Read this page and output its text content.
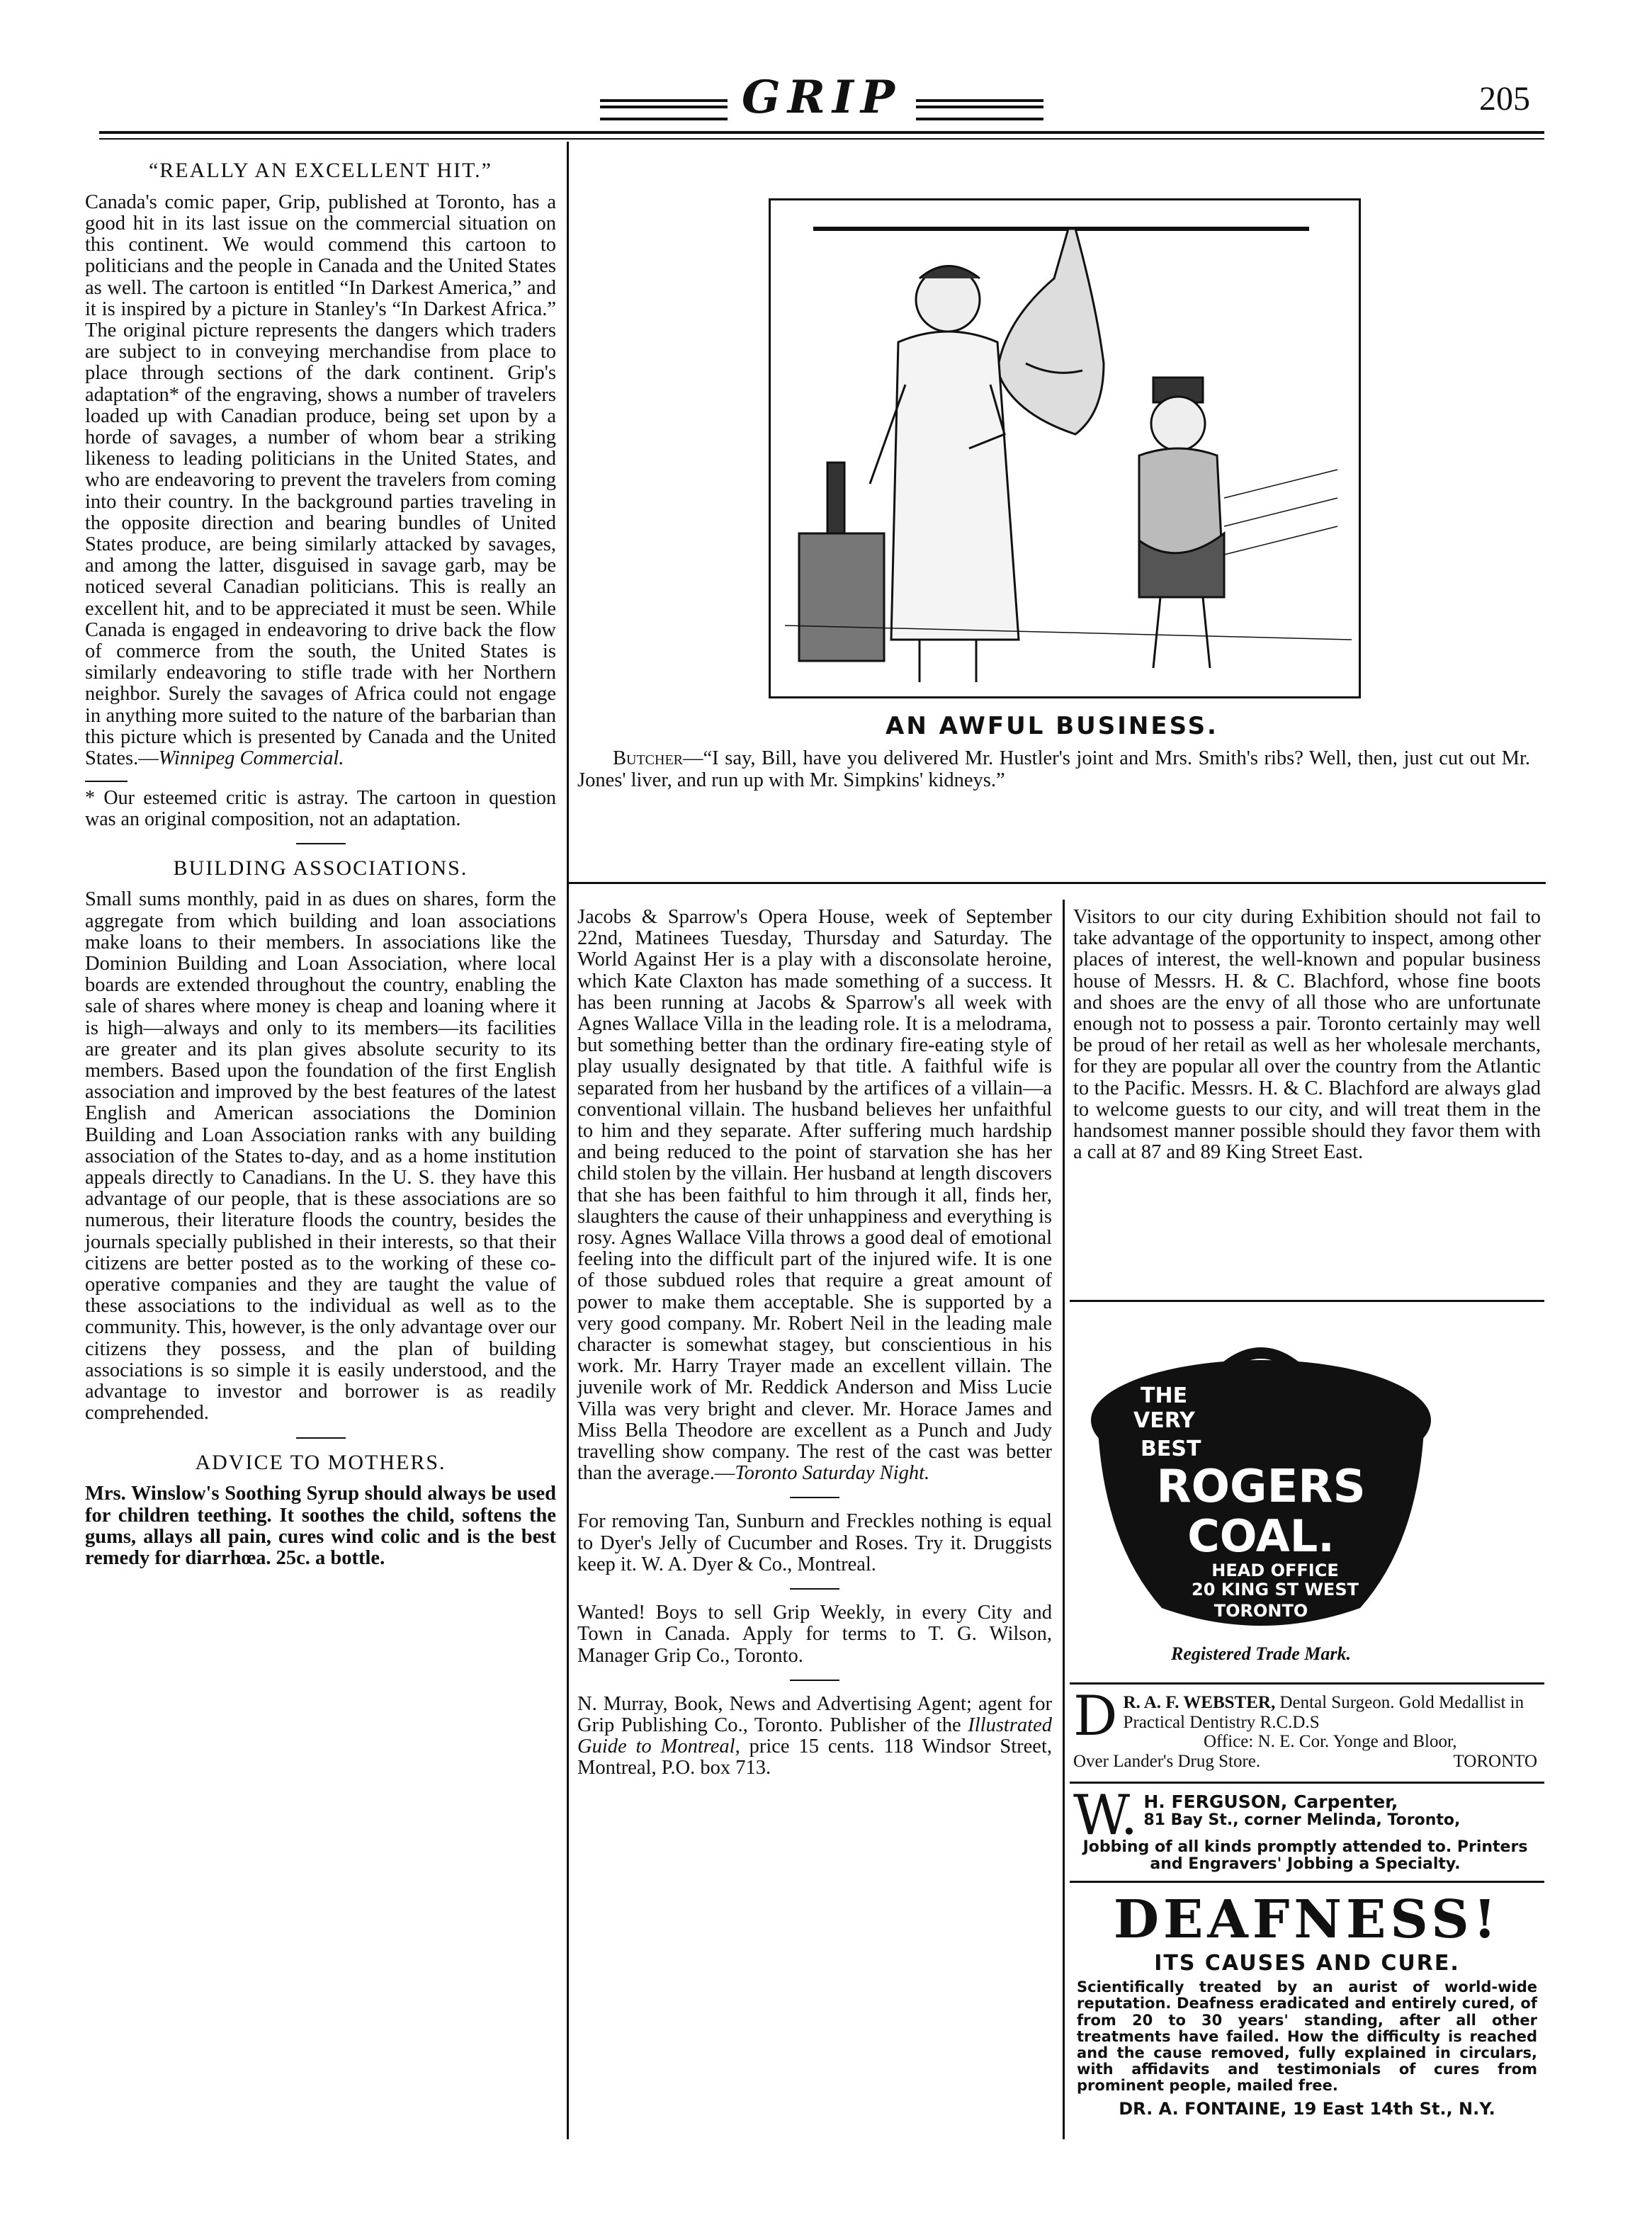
GRIP	205

“REALLY AN EXCELLENT HIT.”

Canada's comic paper, Grip, published at Toronto, has a good hit in its last issue on the commercial situation on this continent. We would commend this cartoon to politicians and the people in Canada and the United States as well. The cartoon is entitled “In Darkest America,” and it is inspired by a picture in Stanley's “In Darkest Africa.” The original picture represents the dangers which traders are subject to in conveying merchandise from place to place through sections of the dark continent. Grip's adaptation* of the engraving, shows a number of travelers loaded up with Canadian produce, being set upon by a horde of savages, a number of whom bear a striking likeness to leading politicians in the United States, and who are endeavoring to prevent the travelers from coming into their country. In the background parties traveling in the opposite direction and bearing bundles of United States produce, are being similarly attacked by savages, and among the latter, disguised in savage garb, may be noticed several Canadian politicians. This is really an excellent hit, and to be appreciated it must be seen. While Canada is engaged in endeavoring to drive back the flow of commerce from the south, the United States is similarly endeavoring to stifle trade with her Northern neighbor. Surely the savages of Africa could not engage in anything more suited to the nature of the barbarian than this picture which is presented by Canada and the United States.—Winnipeg Commercial.

* Our esteemed critic is astray. The cartoon in question was an original composition, not an adaptation.

BUILDING ASSOCIATIONS.

Small sums monthly, paid in as dues on shares, form the aggregate from which building and loan associations make loans to their members. In associations like the Dominion Building and Loan Association, where local boards are extended throughout the country, enabling the sale of shares where money is cheap and loaning where it is high—always and only to its members—its facilities are greater and its plan gives absolute security to its members. Based upon the foundation of the first English association and improved by the best features of the latest English and American associations the Dominion Building and Loan Association ranks with any building association of the States to-day, and as a home institution appeals directly to Canadians. In the U. S. they have this advantage of our people, that is these associations are so numerous, their literature floods the country, besides the journals specially published in their interests, so that their citizens are better posted as to the working of these co-operative companies and they are taught the value of these associations to the individual as well as to the community. This, however, is the only advantage over our citizens they possess, and the plan of building associations is so simple it is easily understood, and the advantage to investor and borrower is as readily comprehended.

ADVICE TO MOTHERS.

Mrs. Winslow's Soothing Syrup should always be used for children teething. It soothes the child, softens the gums, allays all pain, cures wind colic and is the best remedy for diarrhœa. 25c. a bottle.

AN AWFUL BUSINESS.
Butcher—“I say, Bill, have you delivered Mr. Hustler's joint and Mrs. Smith's ribs? Well, then, just cut out Mr. Jones' liver, and run up with Mr. Simpkins' kidneys.”

Jacobs & Sparrow's Opera House, week of September 22nd, Matinees Tuesday, Thursday and Saturday. The World Against Her is a play with a disconsolate heroine, which Kate Claxton has made something of a success. It has been running at Jacobs & Sparrow's all week with Agnes Wallace Villa in the leading role. It is a melodrama, but something better than the ordinary fire-eating style of play usually designated by that title. A faithful wife is separated from her husband by the artifices of a villain—a conventional villain. The husband believes her unfaithful to him and they separate. After suffering much hardship and being reduced to the point of starvation she has her child stolen by the villain. Her husband at length discovers that she has been faithful to him through it all, finds her, slaughters the cause of their unhappiness and everything is rosy. Agnes Wallace Villa throws a good deal of emotional feeling into the difficult part of the injured wife. It is one of those subdued roles that require a great amount of power to make them acceptable. She is supported by a very good company. Mr. Robert Neil in the leading male character is somewhat stagey, but conscientious in his work. Mr. Harry Trayer made an excellent villain. The juvenile work of Mr. Reddick Anderson and Miss Lucie Villa was very bright and clever. Mr. Horace James and Miss Bella Theodore are excellent as a Punch and Judy travelling show company. The rest of the cast was better than the average.—Toronto Saturday Night.

For removing Tan, Sunburn and Freckles nothing is equal to Dyer's Jelly of Cucumber and Roses. Try it. Druggists keep it. W. A. Dyer & Co., Montreal.

Wanted! Boys to sell Grip Weekly, in every City and Town in Canada. Apply for terms to T. G. Wilson, Manager Grip Co., Toronto.

N. Murray, Book, News and Advertising Agent; agent for Grip Publishing Co., Toronto. Publisher of the Illustrated Guide to Montreal, price 15 cents. 118 Windsor Street, Montreal, P.O. box 713.

Visitors to our city during Exhibition should not fail to take advantage of the opportunity to inspect, among other places of interest, the well-known and popular business house of Messrs. H. & C. Blachford, whose fine boots and shoes are the envy of all those who are unfortunate enough not to possess a pair. Toronto certainly may well be proud of her retail as well as her wholesale merchants, for they are popular all over the country from the Atlantic to the Pacific. Messrs. H. & C. Blachford are always glad to welcome guests to our city, and will treat them in the handsomest manner possible should they favor them with a call at 87 and 89 King Street East.

THE
VERY
BEST
ROGERS
COAL.
HEAD OFFICE
20 KING ST WEST
TORONTO
Registered Trade Mark.
D R. A. F. WEBSTER, Dental Surgeon. Gold Medallist in Practical Dentistry R.C.D.S
Office: N. E. Cor. Yonge and Bloor,
Over Lander's Drug Store.	TORONTO
W. H. FERGUSON, Carpenter,
81 Bay St., corner Melinda, Toronto,
Jobbing of all kinds promptly attended to. Printers and Engravers' Jobbing a Specialty.

DEAFNESS!

ITS CAUSES AND CURE.

Scientifically treated by an aurist of world-wide reputation. Deafness eradicated and entirely cured, of from 20 to 30 years' standing, after all other treatments have failed. How the difficulty is reached and the cause removed, fully explained in circulars, with affidavits and testimonials of cures from prominent people, mailed free.

DR. A. FONTAINE, 19 East 14th St., N.Y.
